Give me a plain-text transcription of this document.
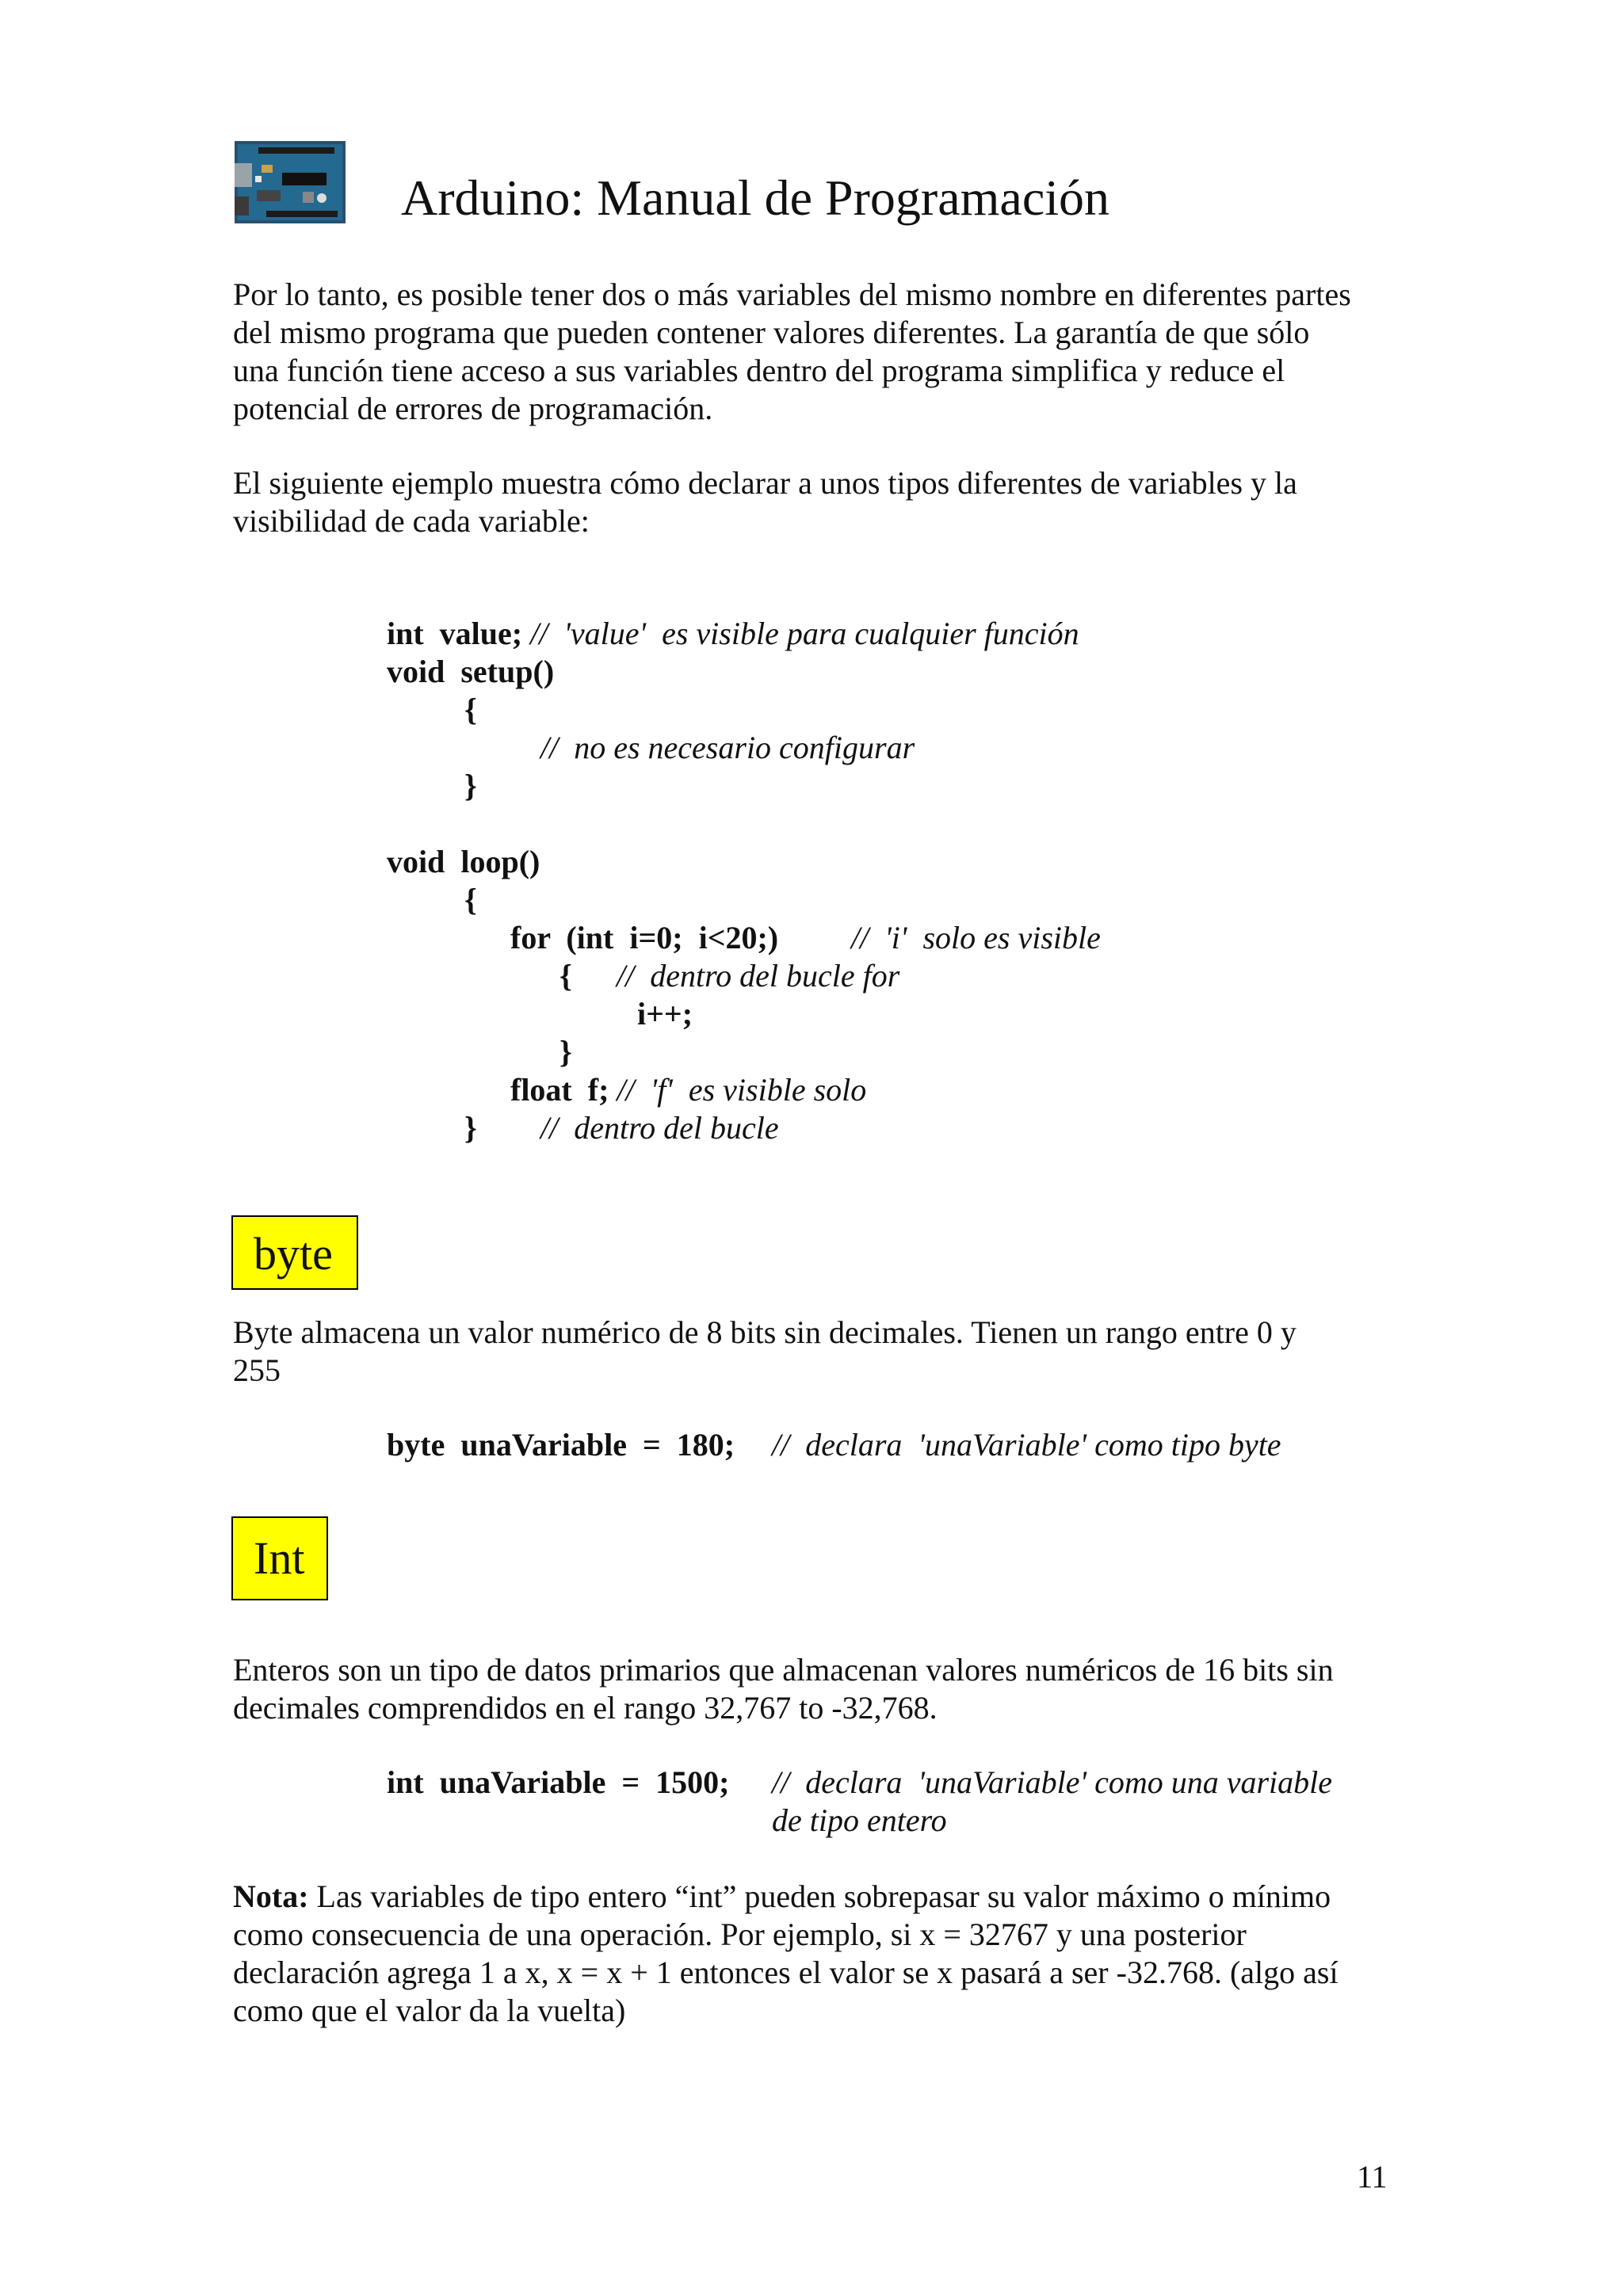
Arduino: Manual de Programación

Por lo tanto, es posible tener dos o más variables del mismo nombre en diferentes partes
del mismo programa que pueden contener valores diferentes. La garantía de que sólo
una función tiene acceso a sus variables dentro del programa simplifica y reduce el
potencial de errores de programación.

El siguiente ejemplo muestra cómo declarar a unos tipos diferentes de variables y la
visibilidad de cada variable:

int  value; //  'value'  es visible para cualquier función
void  setup()
{
//  no es necesario configurar
}
void  loop()
{
for  (int  i=0;  i<20;) //  'i'  solo es visible
{ //  dentro del bucle for
i++;
}
float  f; //  'f'  es visible solo
} //  dentro del bucle
byte

Byte almacena un valor numérico de 8 bits sin decimales. Tienen un rango entre 0 y
255

byte  unaVariable  =  180; //  declara  'unaVariable' como tipo byte
Int

Enteros son un tipo de datos primarios que almacenan valores numéricos de 16 bits sin
decimales comprendidos en el rango 32,767 to -32,768.

int  unaVariable  =  1500; //  declara  'unaVariable' como una variable
de tipo entero

Nota: Las variables de tipo entero “int” pueden sobrepasar su valor máximo o mínimo
como consecuencia de una operación. Por ejemplo, si x = 32767 y una posterior
declaración agrega 1 a x, x = x + 1 entonces el valor se x pasará a ser -32.768. (algo así
como que el valor da la vuelta)

11
